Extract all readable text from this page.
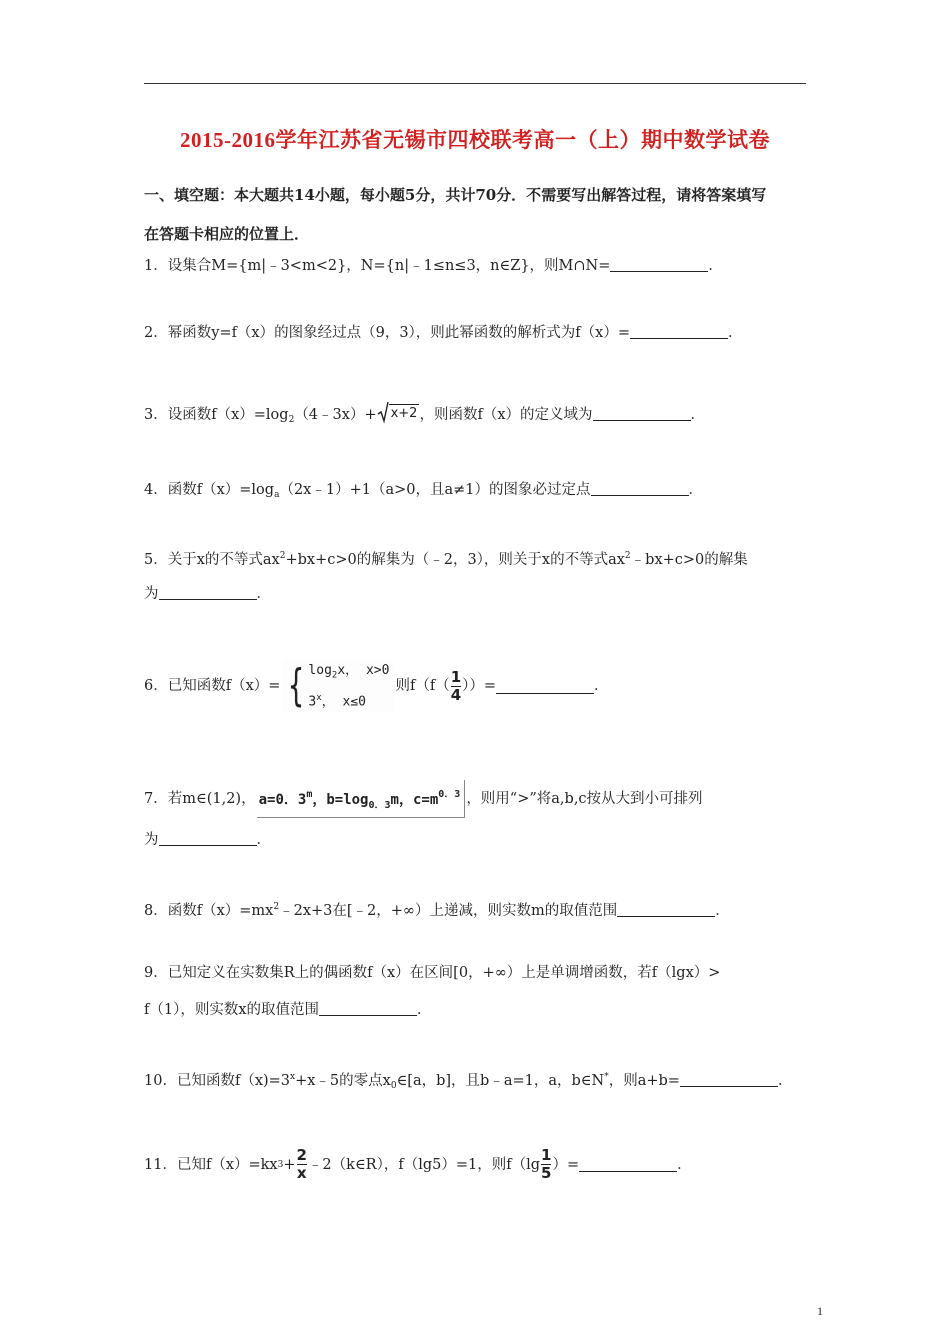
2015-2016学年江苏省无锡市四校联考高一（上）期中数学试卷
一、填空题：本大题共14小题，每小题5分，共计70分．不需要写出解答过程，请将答案填写
在答题卡相应的位置上．
1．设集合M={m|﹣3<m<2}，N={n|﹣1≤n≤3，n∈Z}，则M∩N=	．
2．幂函数y=f（x）的图象经过点（9，3），则此幂函数的解析式为f（x）=	．
3．设函数$f(x)=\log_2(4﹣3x)+ x+2$ ，则函数f（x）的定义域为	．
4．函数$f(x)=\log_a(2x﹣1)+1(a>0$，且a≠1）的图象必过定点	．
5．关于x的不等式$ax^2+bx+c>0$的解集为（﹣2，3），则关于x的不等式$ax^2﹣bx+c>0$的解集
为	．
6．已知函数f（x）= { $\log_2x$， x>0
3$^x$， x≤0
则$f(f( \frac{1}{4}$ ））=	．
7．若m∈(1,2)， a=0．3$^m$，$b=\log_{0.3}m$，$c=m^{0.3}$ ，则用“>”将a,b,c按从大到小可排列
为	．
8．函数$f(x)=mx^2﹣2x+3$在[﹣2，+∞）上递减，则实数m的取值范围	．
9．已知定义在实数集R上的偶函数f（x）在区间[0，+∞）上是单调增函数，若f（lgx）>
f（1），则实数x的取值范围	．
10．已知函数$f(x)=3^x+x﹣5$的零点$x_0\in[a$，b]，且b﹣a=1，a，b∈N*，则a+b=	．
11．已知f（x）=kx $3 + \frac{2}{x}$ ﹣2（k∈R），f（lg5）=1，则$f(\lg \frac{1}{5}$ ）=	．
1
